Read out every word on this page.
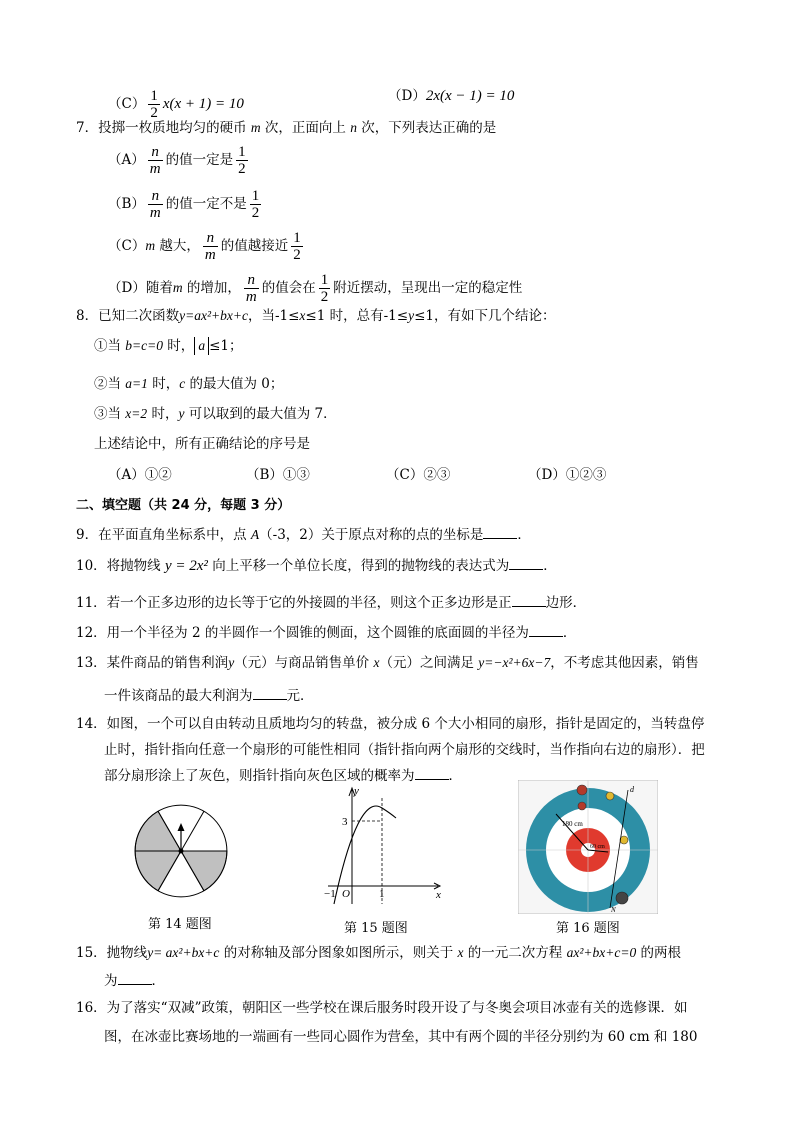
$(C) \frac{1}{2} x(x + 1) = 10$	（D）2x(x − 1) = 10
7．投掷一枚质地均匀的硬币 m 次，正面向上 n 次，下列表达正确的是
$(A) \frac{n}{m}$ 的值一定是 $\frac{1}{2}$
$(B) \frac{n}{m}$ 的值一定不是 $\frac{1}{2}$
（C）m 越大， $\frac{n}{m}$ 的值越接近 $\frac{1}{2}$
（D）随着m 的增加， $\frac{n}{m}$ 的值会在 $\frac{1}{2}$ 附近摆动，呈现出一定的稳定性
8．已知二次函数y=ax²+bx+c，当-1≤x≤1 时，总有-1≤y≤1，有如下几个结论：
①当 b=c=0 时， a ≤1；
②当 a=1 时，c 的最大值为 0；
③当 x=2 时，y 可以取到的最大值为 7．
上述结论中，所有正确结论的序号是
（A）①②	（B）①③	（C）②③	（D）①②③
二、填空题（共 24 分，每题 3 分）
9．在平面直角坐标系中，点 A（-3，2）关于原点对称的点的坐标是	．
10．将抛物线 y = 2x² 向上平移一个单位长度，得到的抛物线的表达式为	．
11．若一个正多边形的边长等于它的外接圆的半径，则这个正多边形是正	边形．
12．用一个半径为 2 的半圆作一个圆锥的侧面，这个圆锥的底面圆的半径为	．
13．某件商品的销售利润y（元）与商品销售单价 x（元）之间满足 y=−x²+6x−7，不考虑其他因素，销售
一件该商品的最大利润为	元．
14．如图，一个可以自由转动且质地均匀的转盘，被分成 6 个大小相同的扇形，指针是固定的，当转盘停
止时，指针指向任意一个扇形的可能性相同（指针指向两个扇形的交线时，当作指向右边的扇形）．把
部分扇形涂上了灰色，则指针指向灰色区域的概率为	．
第 14 题图
y
x
3
−1 O	1
第 15 题图
180 cm
60 cm
d
N
第 16 题图
15．抛物线y= ax²+bx+c 的对称轴及部分图象如图所示，则关于 x 的一元二次方程 ax²+bx+c=0 的两根
为	．
16．为了落实“双减”政策，朝阳区一些学校在课后服务时段开设了与冬奥会项目冰壶有关的选修课．如
图，在冰壶比赛场地的一端画有一些同心圆作为营垒，其中有两个圆的半径分别约为 60 cm 和 180
